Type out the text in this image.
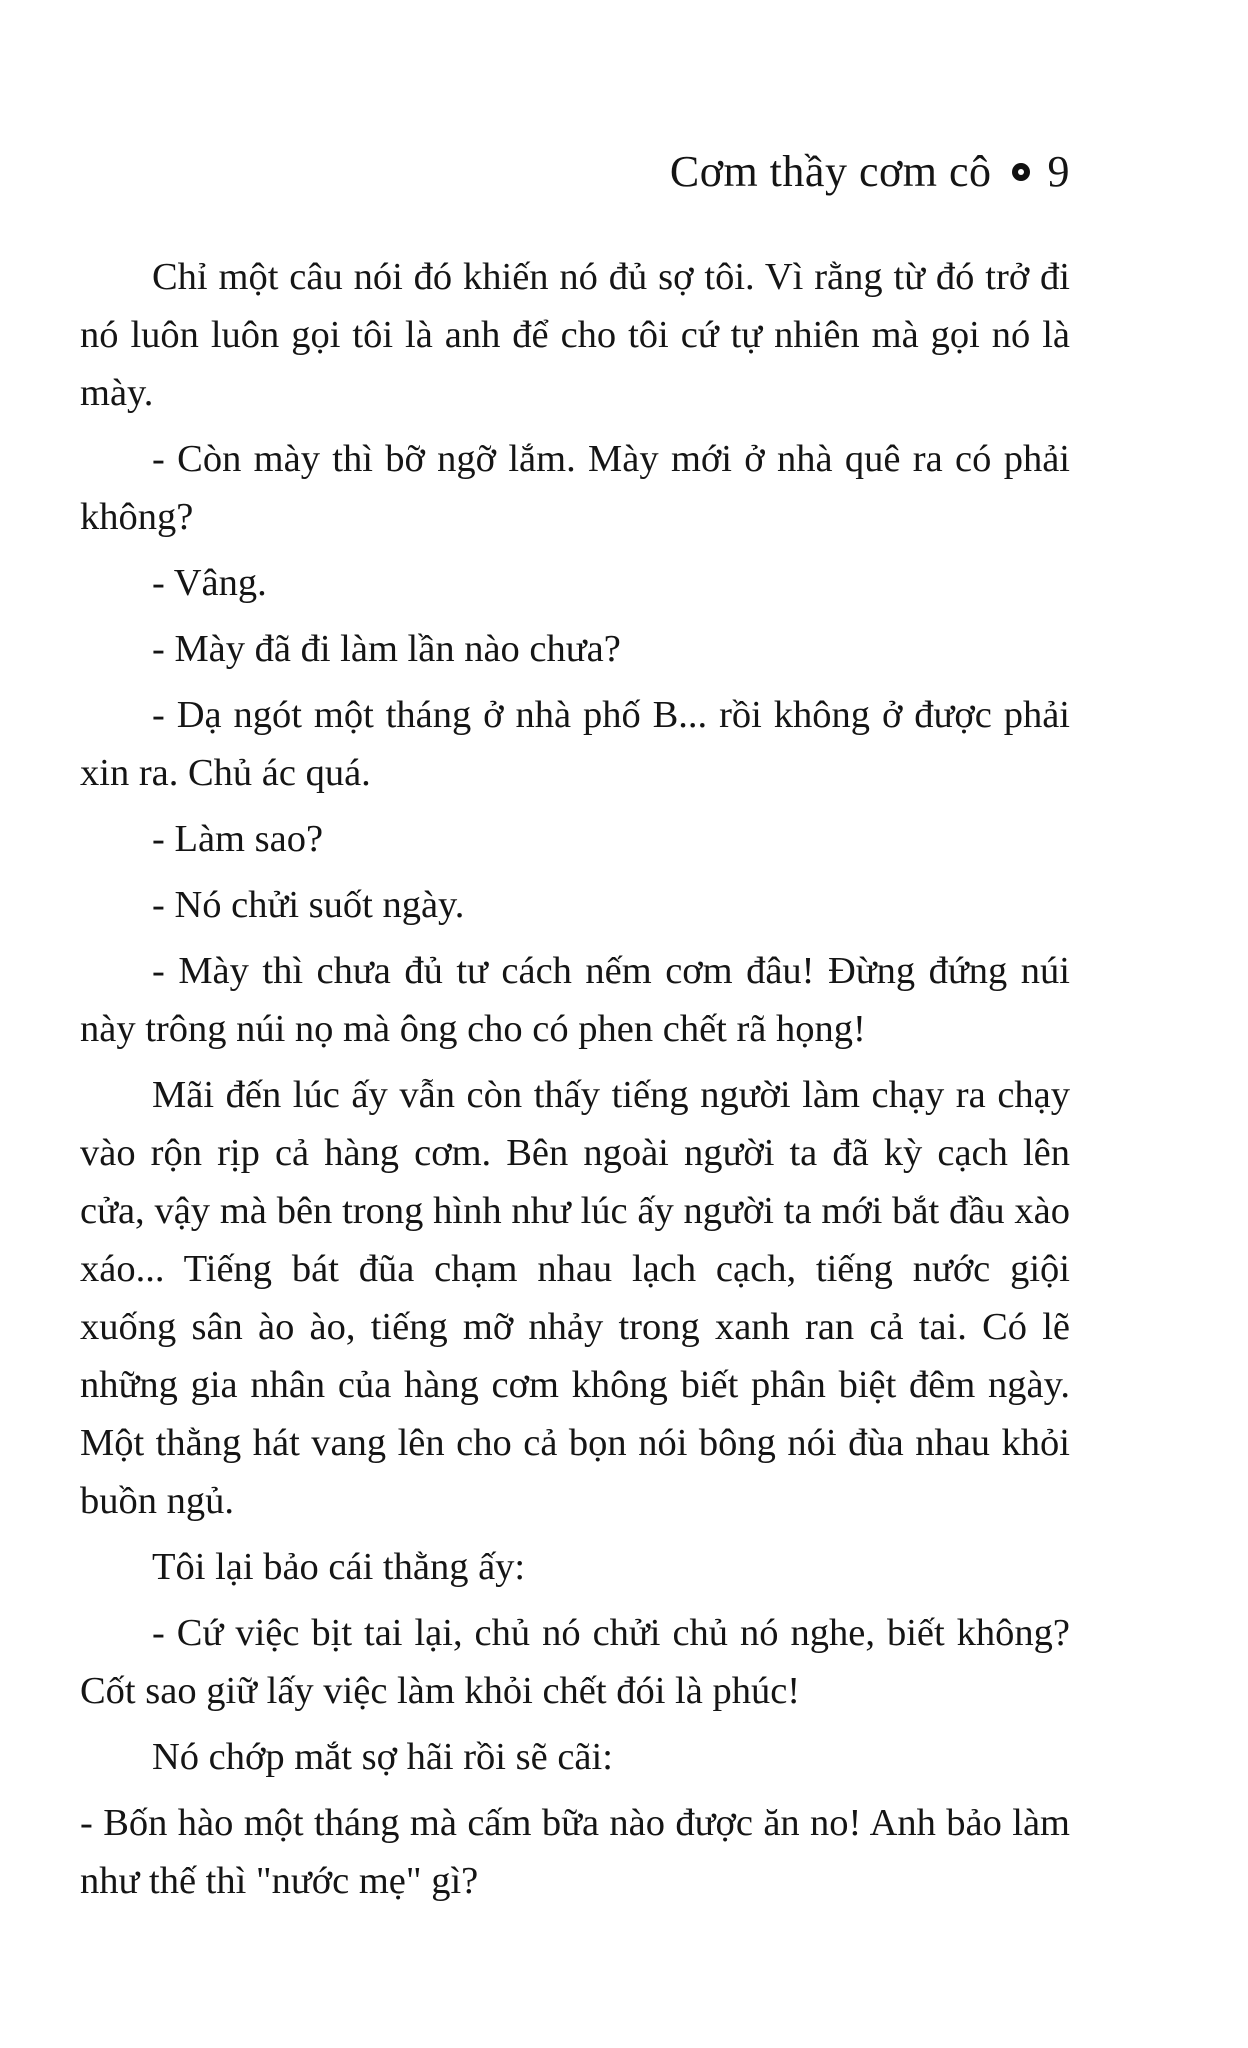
Cơm thầy cơm cô 9

Chỉ một câu nói đó khiến nó đủ sợ tôi. Vì rằng từ đó trở đi nó luôn luôn gọi tôi là anh để cho tôi cứ tự nhiên mà gọi nó là mày.

- Còn mày thì bỡ ngỡ lắm. Mày mới ở nhà quê ra có phải không?

- Vâng.

- Mày đã đi làm lần nào chưa?

- Dạ ngót một tháng ở nhà phố B... rồi không ở được phải xin ra. Chủ ác quá.

- Làm sao?

- Nó chửi suốt ngày.

- Mày thì chưa đủ tư cách nếm cơm đâu! Đừng đứng núi này trông núi nọ mà ông cho có phen chết rã họng!

Mãi đến lúc ấy vẫn còn thấy tiếng người làm chạy ra chạy vào rộn rịp cả hàng cơm. Bên ngoài người ta đã kỳ cạch lên cửa, vậy mà bên trong hình như lúc ấy người ta mới bắt đầu xào xáo... Tiếng bát đũa chạm nhau lạch cạch, tiếng nước giội xuống sân ào ào, tiếng mỡ nhảy trong xanh ran cả tai. Có lẽ những gia nhân của hàng cơm không biết phân biệt đêm ngày. Một thằng hát vang lên cho cả bọn nói bông nói đùa nhau khỏi buồn ngủ.

Tôi lại bảo cái thằng ấy:

- Cứ việc bịt tai lại, chủ nó chửi chủ nó nghe, biết không? Cốt sao giữ lấy việc làm khỏi chết đói là phúc!

Nó chớp mắt sợ hãi rồi sẽ cãi:

- Bốn hào một tháng mà cấm bữa nào được ăn no! Anh bảo làm như thế thì "nước mẹ" gì?
